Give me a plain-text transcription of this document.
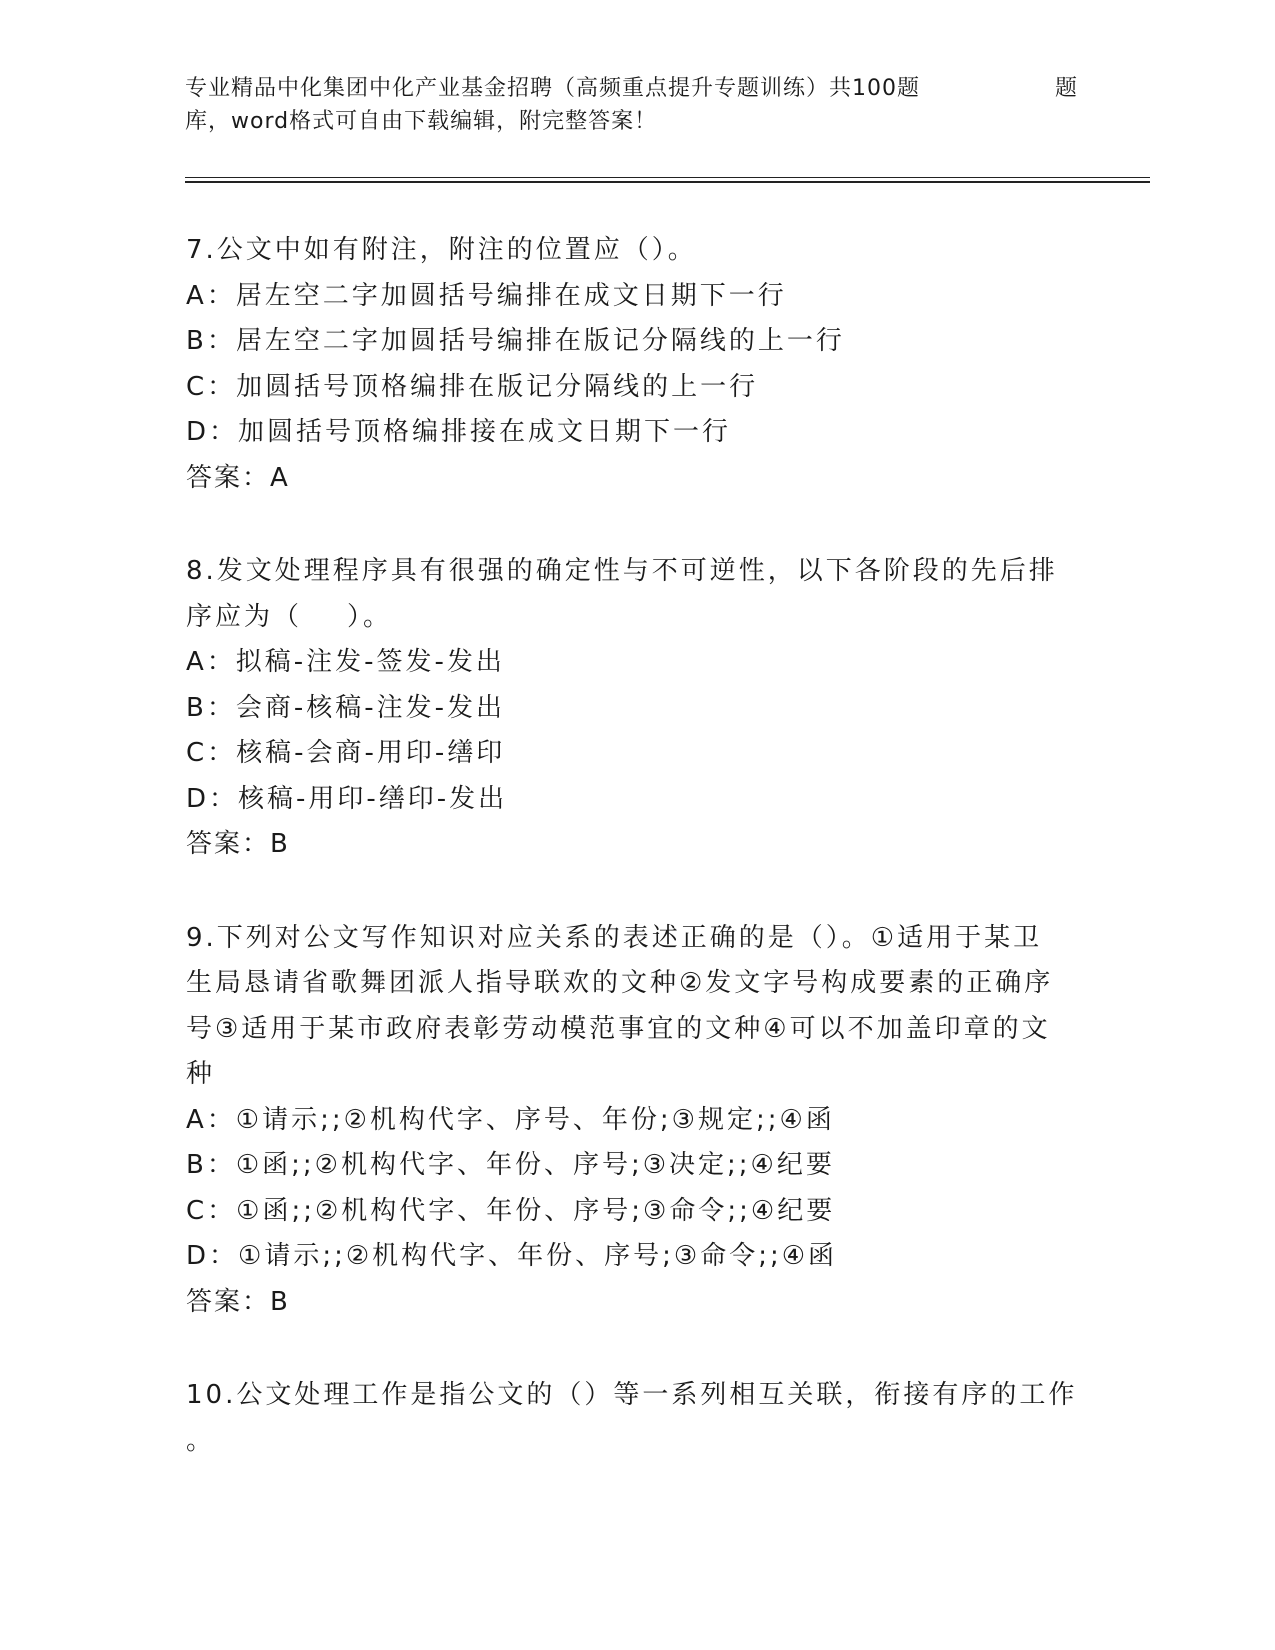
专业精品中化集团中化产业基金招聘（高频重点提升专题训练）共100题	题
库，word格式可自由下载编辑，附完整答案！

7.公文中如有附注，附注的位置应（）。

A：居左空二字加圆括号编排在成文日期下一行

B：居左空二字加圆括号编排在版记分隔线的上一行

C：加圆括号顶格编排在版记分隔线的上一行

D：加圆括号顶格编排接在成文日期下一行

答案：A

8.发文处理程序具有很强的确定性与不可逆性，以下各阶段的先后排

序应为（    ）。

A：拟稿-注发-签发-发出

B：会商-核稿-注发-发出

C：核稿-会商-用印-缮印

D：核稿-用印-缮印-发出

答案：B

9.下列对公文写作知识对应关系的表述正确的是（）。①适用于某卫

生局恳请省歌舞团派人指导联欢的文种②发文字号构成要素的正确序

号③适用于某市政府表彰劳动模范事宜的文种④可以不加盖印章的文

种

A：①请示;;②机构代字、序号、年份;③规定;;④函

B：①函;;②机构代字、年份、序号;③决定;;④纪要

C：①函;;②机构代字、年份、序号;③命令;;④纪要

D：①请示;;②机构代字、年份、序号;③命令;;④函

答案：B

10.公文处理工作是指公文的（）等一系列相互关联，衔接有序的工作

。
